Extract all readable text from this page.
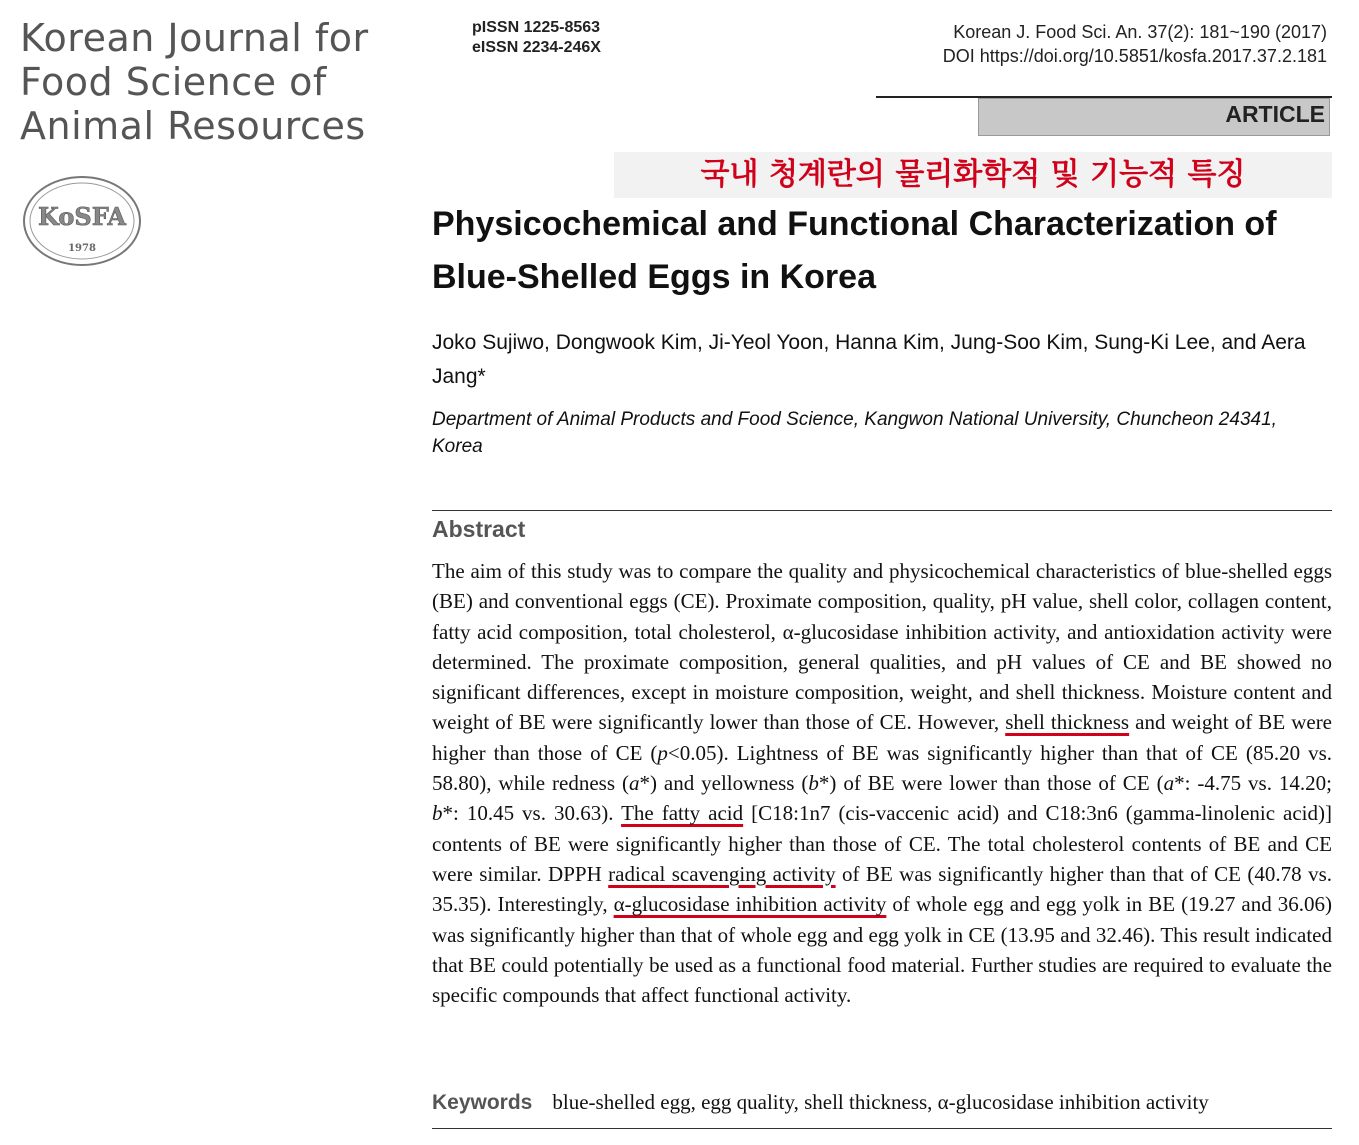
Korean Journal for
Food Science of
Animal Resources
KoSFA
1978
pISSN 1225-8563
eISSN 2234-246X
Korean J. Food Sci. An. 37(2): 181~190 (2017)
DOI https://doi.org/10.5851/kosfa.2017.37.2.181
ARTICLE
국내 청계란의 물리화학적 및 기능적 특징
Physicochemical and Functional Characterization of Blue-Shelled Eggs in Korea
Joko Sujiwo, Dongwook Kim, Ji-Yeol Yoon, Hanna Kim, Jung-Soo Kim, Sung-Ki Lee, and Aera Jang*
Department of Animal Products and Food Science, Kangwon National University, Chuncheon 24341, Korea
Abstract

The aim of this study was to compare the quality and physicochemical characteristics of blue-shelled eggs (BE) and conventional eggs (CE). Proximate composition, quality, pH value, shell color, collagen content, fatty acid composition, total cholesterol, α-glucosidase inhibition activity, and antioxidation activity were determined. The proximate composition, general qualities, and pH values of CE and BE showed no significant differences, except in moisture composition, weight, and shell thickness. Moisture content and weight of BE were significantly lower than those of CE. However, shell thickness and weight of BE were higher than those of CE (p<0.05). Lightness of BE was significantly higher than that of CE (85.20 vs. 58.80), while redness (a*) and yellowness (b*) of BE were lower than those of CE (a*: -4.75 vs. 14.20; b*: 10.45 vs. 30.63). The fatty acid [C18:1n7 (cis-vaccenic acid) and C18:3n6 (gamma-linolenic acid)] contents of BE were significantly higher than those of CE. The total cholesterol contents of BE and CE were similar. DPPH radical scavenging activity of BE was significantly higher than that of CE (40.78 vs. 35.35). Interestingly, α-glucosidase inhibition activity of whole egg and egg yolk in BE (19.27 and 36.06) was significantly higher than that of whole egg and egg yolk in CE (13.95 and 32.46). This result indicated that BE could potentially be used as a functional food material. Further studies are required to evaluate the specific compounds that affect functional activity.

Keywords blue-shelled egg, egg quality, shell thickness, α-glucosidase inhibition activity
